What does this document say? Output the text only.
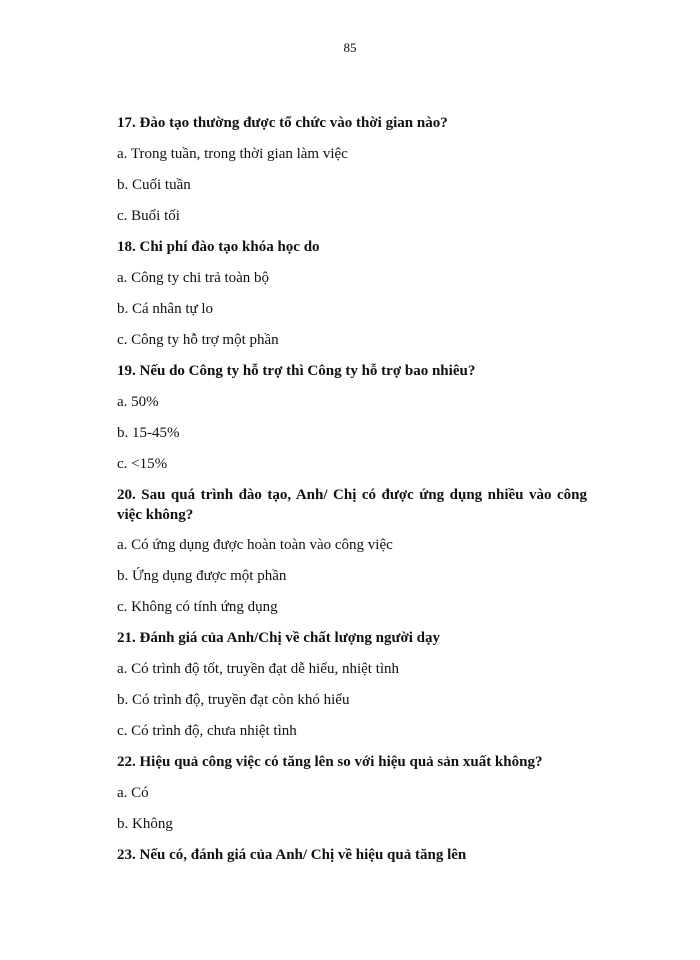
85
17. Đào tạo thường được tổ chức vào thời gian nào?
a. Trong tuần, trong thời gian làm việc
b. Cuối tuần
c. Buổi tối
18. Chi phí đào tạo khóa học do
a. Công ty chi trả toàn bộ
b. Cá nhân tự lo
c. Công ty hỗ trợ một phần
19. Nếu do Công ty hỗ trợ thì Công ty hỗ trợ bao nhiêu?
a. 50%
b. 15-45%
c. <15%
20. Sau quá trình đào tạo, Anh/ Chị có được ứng dụng nhiều vào công việc không?
a. Có ứng dụng được hoàn toàn vào công việc
b. Ứng dụng được một phần
c. Không có tính ứng dụng
21. Đánh giá của Anh/Chị về chất lượng người dạy
a. Có trình độ tốt, truyền đạt dễ hiểu, nhiệt tình
b. Có trình độ, truyền đạt còn khó hiểu
c. Có trình độ, chưa nhiệt tình
22. Hiệu quả công việc có tăng lên so với hiệu quả sản xuất không?
a. Có
b. Không
23. Nếu có, đánh giá của Anh/ Chị về hiệu quả tăng lên
